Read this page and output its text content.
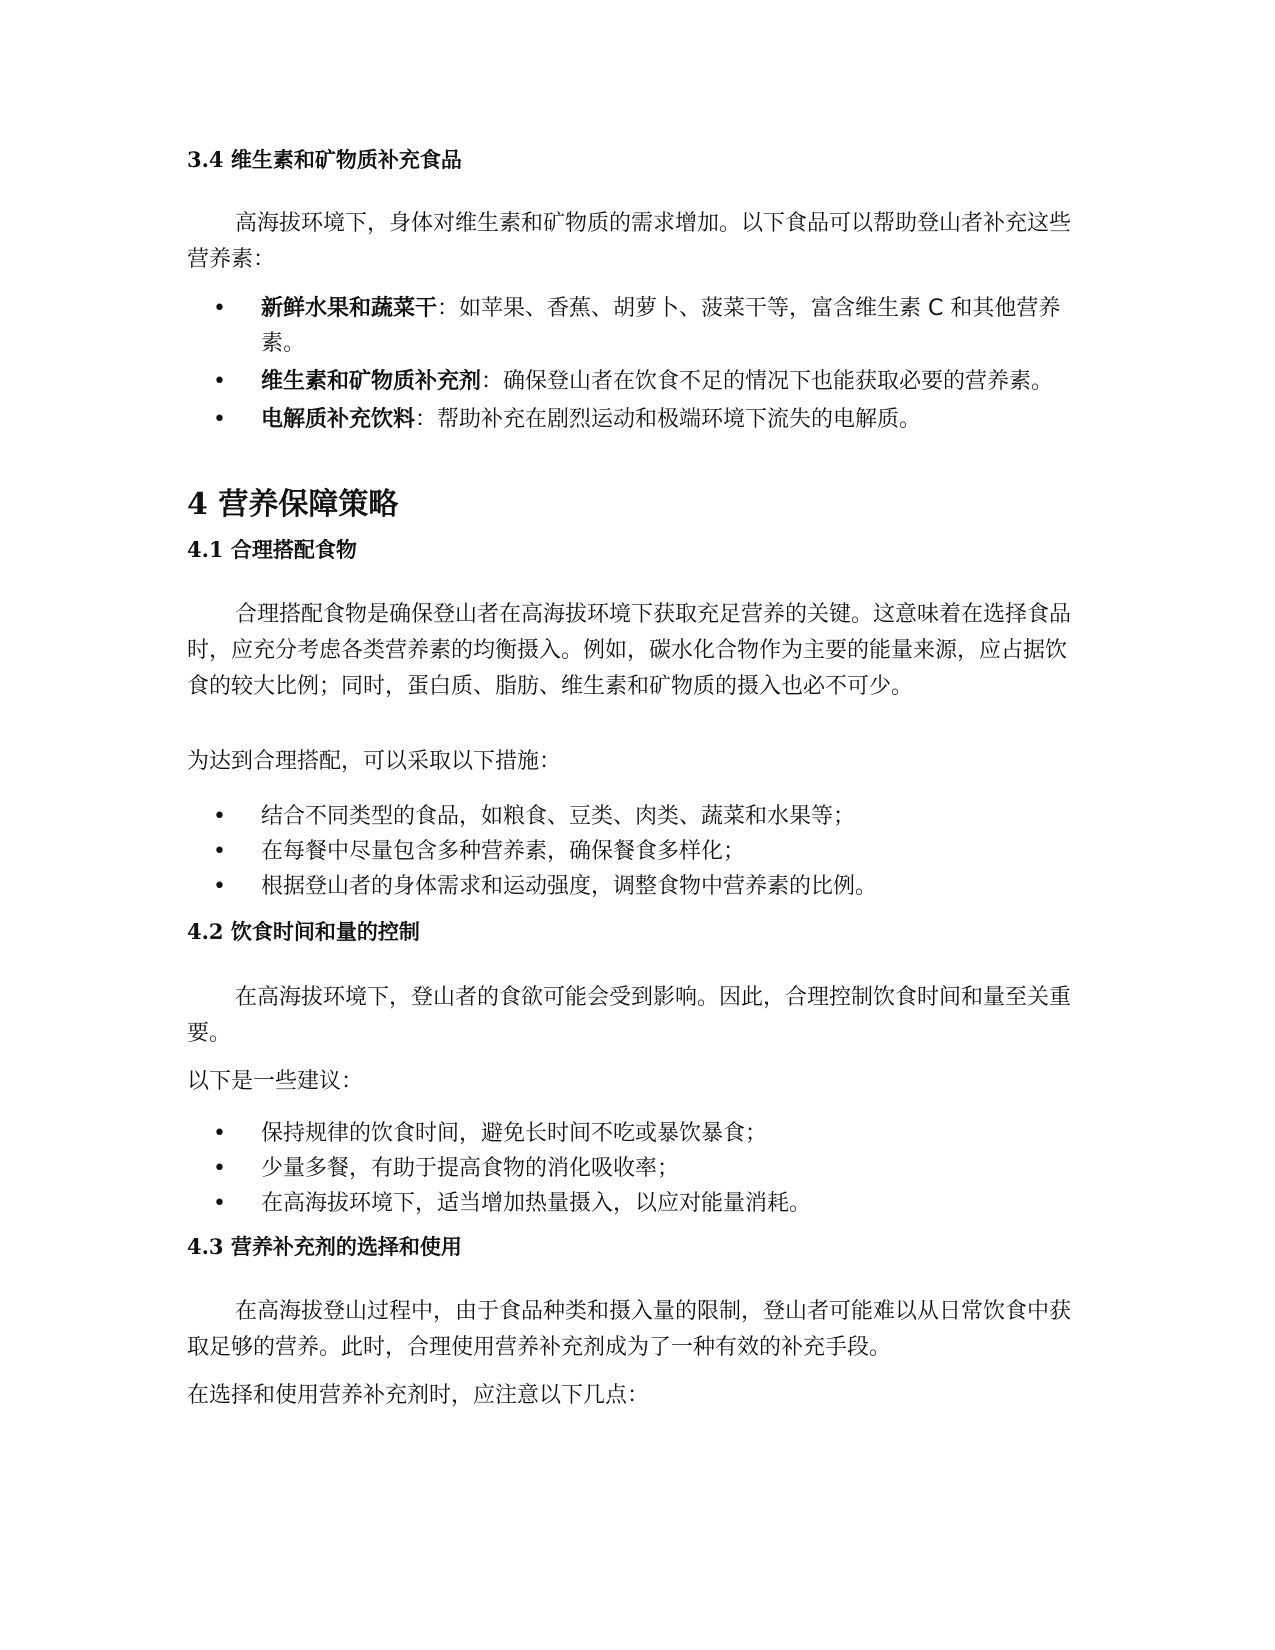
3.4 维生素和矿物质补充食品

高海拔环境下，身体对维生素和矿物质的需求增加。以下食品可以帮助登山者补充这些营养素：

• 新鲜水果和蔬菜干：如苹果、香蕉、胡萝卜、菠菜干等，富含维生素 C 和其他营养素。
• 维生素和矿物质补充剂：确保登山者在饮食不足的情况下也能获取必要的营养素。
• 电解质补充饮料：帮助补充在剧烈运动和极端环境下流失的电解质。
4 营养保障策略
4.1 合理搭配食物

合理搭配食物是确保登山者在高海拔环境下获取充足营养的关键。这意味着在选择食品时，应充分考虑各类营养素的均衡摄入。例如，碳水化合物作为主要的能量来源，应占据饮食的较大比例；同时，蛋白质、脂肪、维生素和矿物质的摄入也必不可少。

为达到合理搭配，可以采取以下措施：

• 结合不同类型的食品，如粮食、豆类、肉类、蔬菜和水果等；
• 在每餐中尽量包含多种营养素，确保餐食多样化；
• 根据登山者的身体需求和运动强度，调整食物中营养素的比例。
4.2 饮食时间和量的控制

在高海拔环境下，登山者的食欲可能会受到影响。因此，合理控制饮食时间和量至关重要。

以下是一些建议：

• 保持规律的饮食时间，避免长时间不吃或暴饮暴食；
• 少量多餐，有助于提高食物的消化吸收率；
• 在高海拔环境下，适当增加热量摄入，以应对能量消耗。
4.3 营养补充剂的选择和使用

在高海拔登山过程中，由于食品种类和摄入量的限制，登山者可能难以从日常饮食中获取足够的营养。此时，合理使用营养补充剂成为了一种有效的补充手段。

在选择和使用营养补充剂时，应注意以下几点：
